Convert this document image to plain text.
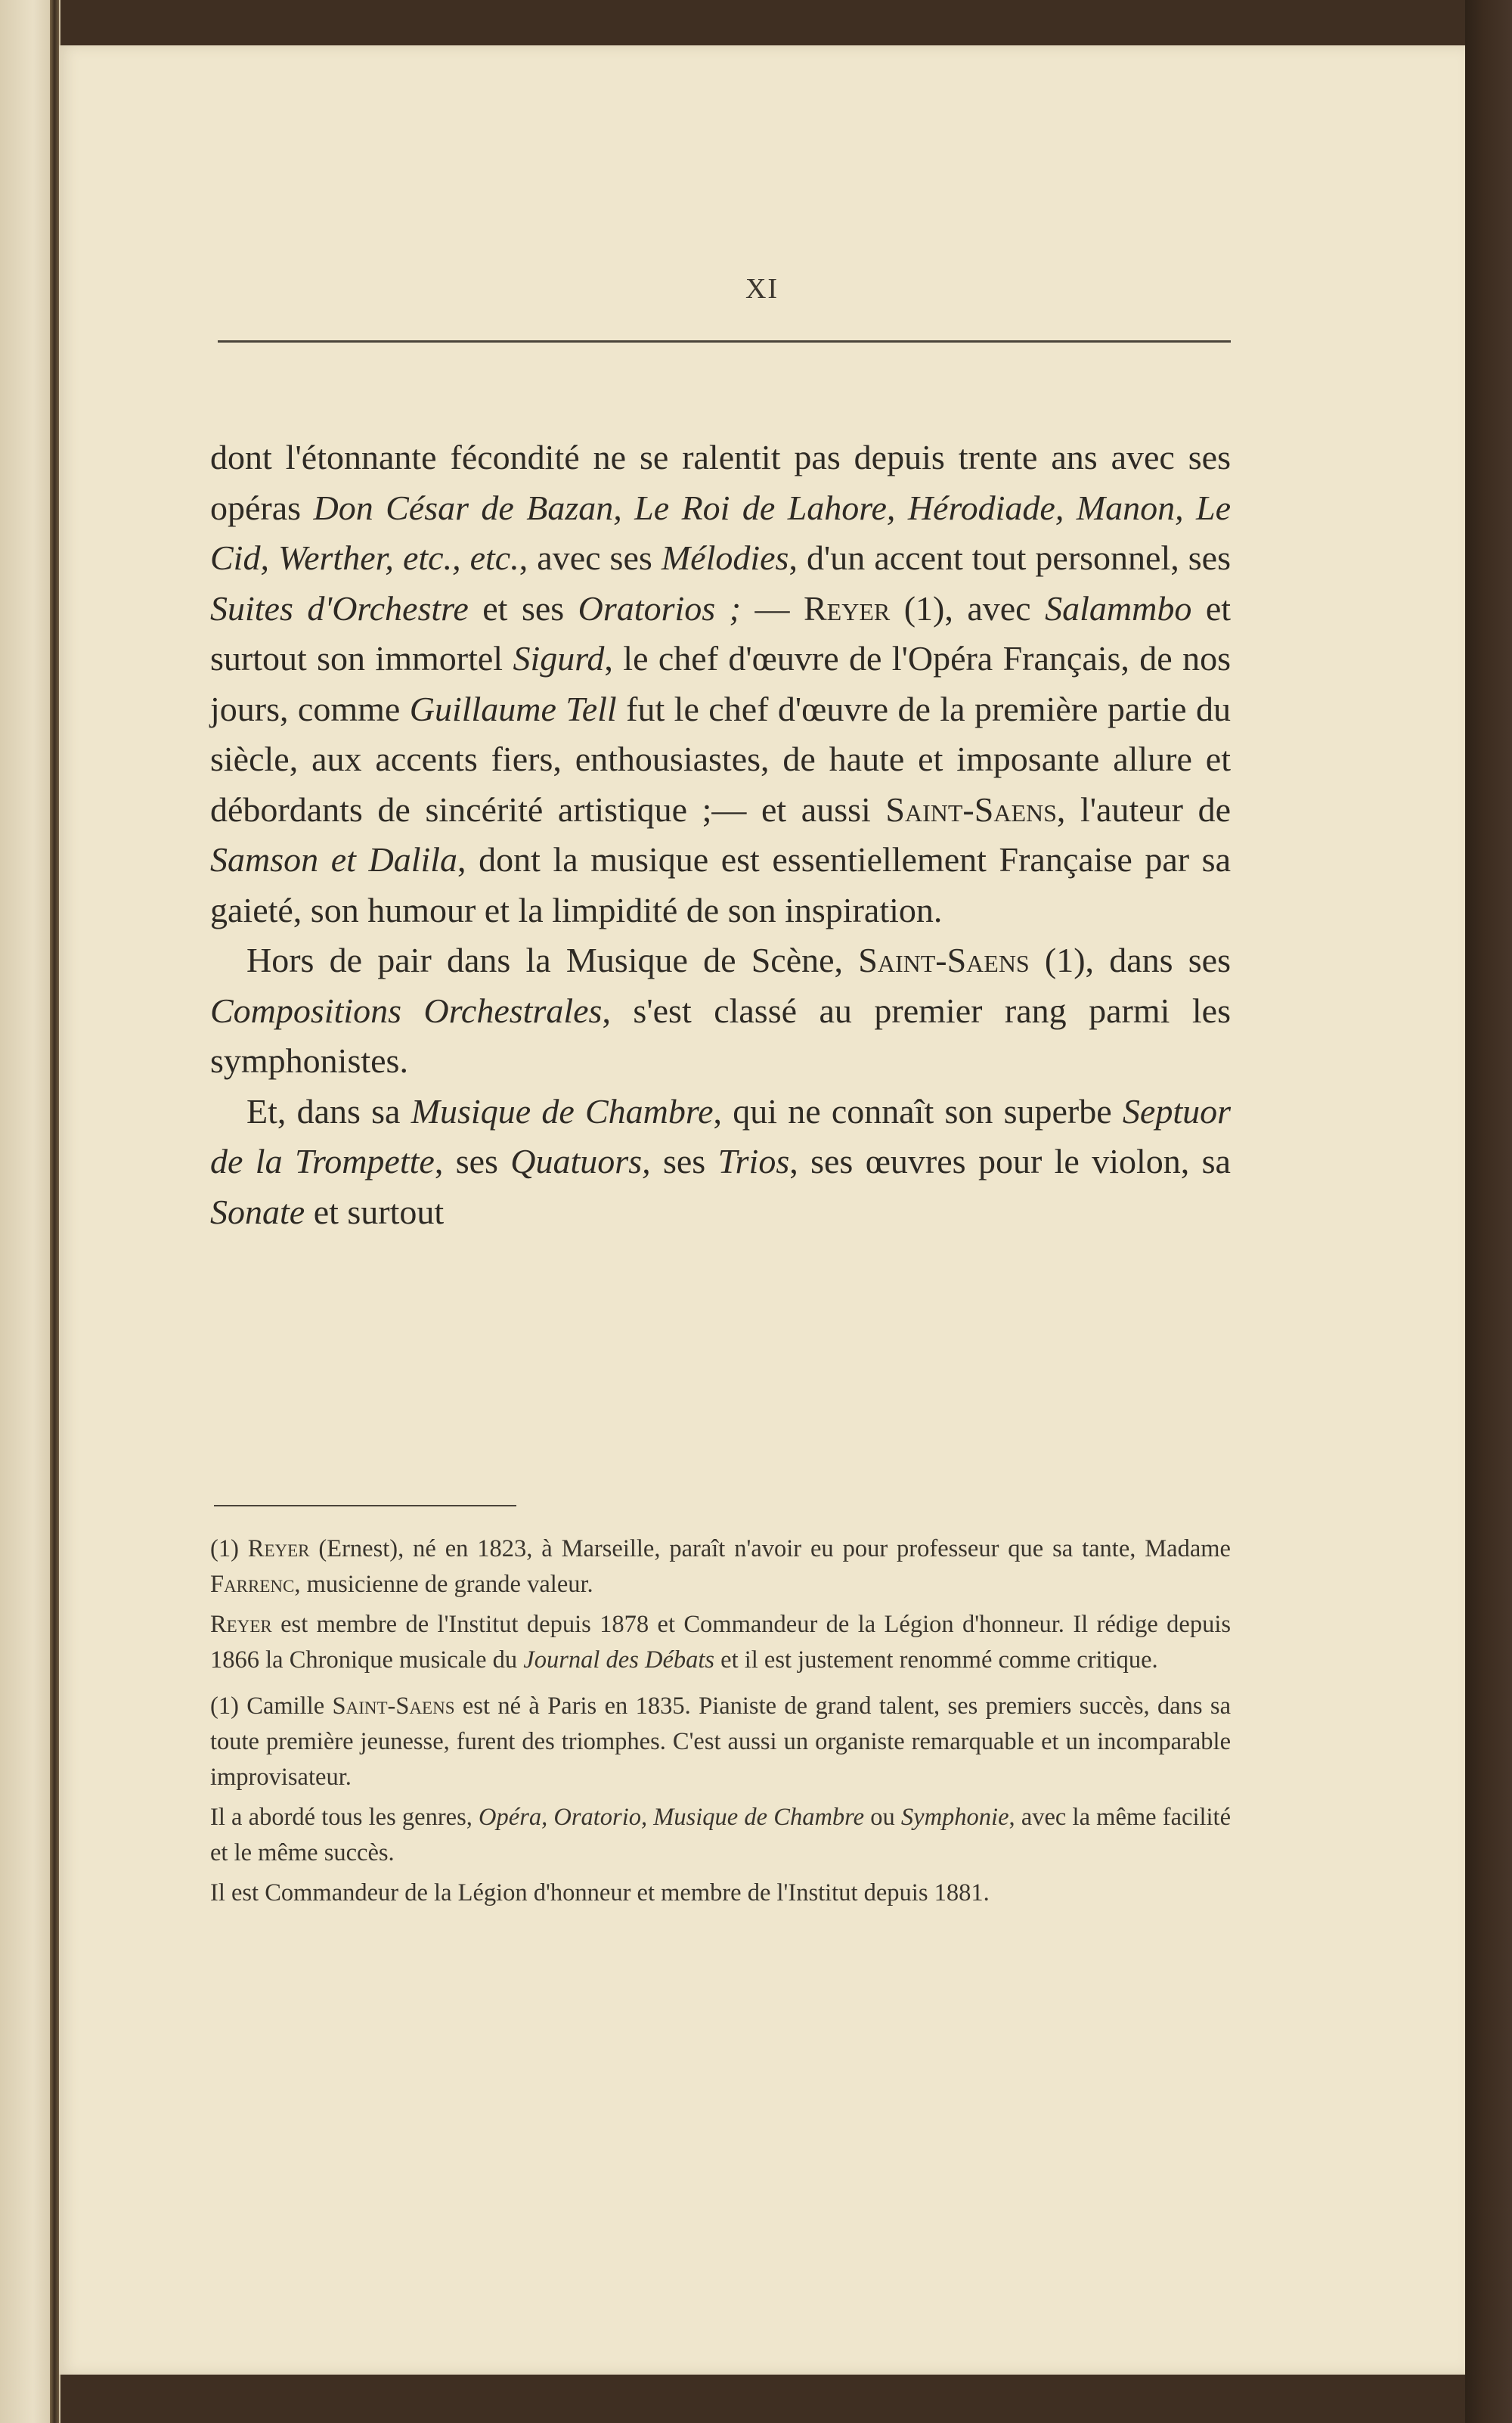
XI

dont l'étonnante fécondité ne se ralentit pas depuis trente ans avec ses opéras Don César de Bazan, Le Roi de Lahore, Hérodiade, Manon, Le Cid, Werther, etc., etc., avec ses Mélodies, d'un accent tout personnel, ses Suites d'Orchestre et ses Oratorios ; — Reyer (1), avec Salammbo et surtout son immortel Sigurd, le chef d'œuvre de l'Opéra Français, de nos jours, comme Guillaume Tell fut le chef d'œuvre de la première partie du siècle, aux accents fiers, enthousiastes, de haute et imposante allure et débordants de sincérité artistique ;— et aussi Saint-Saens, l'auteur de Samson et Dalila, dont la musique est essentiellement Française par sa gaieté, son humour et la limpidité de son inspiration.

Hors de pair dans la Musique de Scène, Saint-Saens (1), dans ses Compositions Orchestrales, s'est classé au premier rang parmi les symphonistes.

Et, dans sa Musique de Chambre, qui ne connaît son superbe Septuor de la Trompette, ses Quatuors, ses Trios, ses œuvres pour le violon, sa Sonate et surtout

(1) Reyer (Ernest), né en 1823, à Marseille, paraît n'avoir eu pour professeur que sa tante, Madame Farrenc, musicienne de grande valeur.

Reyer est membre de l'Institut depuis 1878 et Commandeur de la Légion d'honneur. Il rédige depuis 1866 la Chronique musicale du Journal des Débats et il est justement renommé comme critique.

(1) Camille Saint-Saens est né à Paris en 1835. Pianiste de grand talent, ses premiers succès, dans sa toute première jeunesse, furent des triomphes. C'est aussi un organiste remarquable et un incomparable improvisateur.

Il a abordé tous les genres, Opéra, Oratorio, Musique de Chambre ou Symphonie, avec la même facilité et le même succès.

Il est Commandeur de la Légion d'honneur et membre de l'Institut depuis 1881.
